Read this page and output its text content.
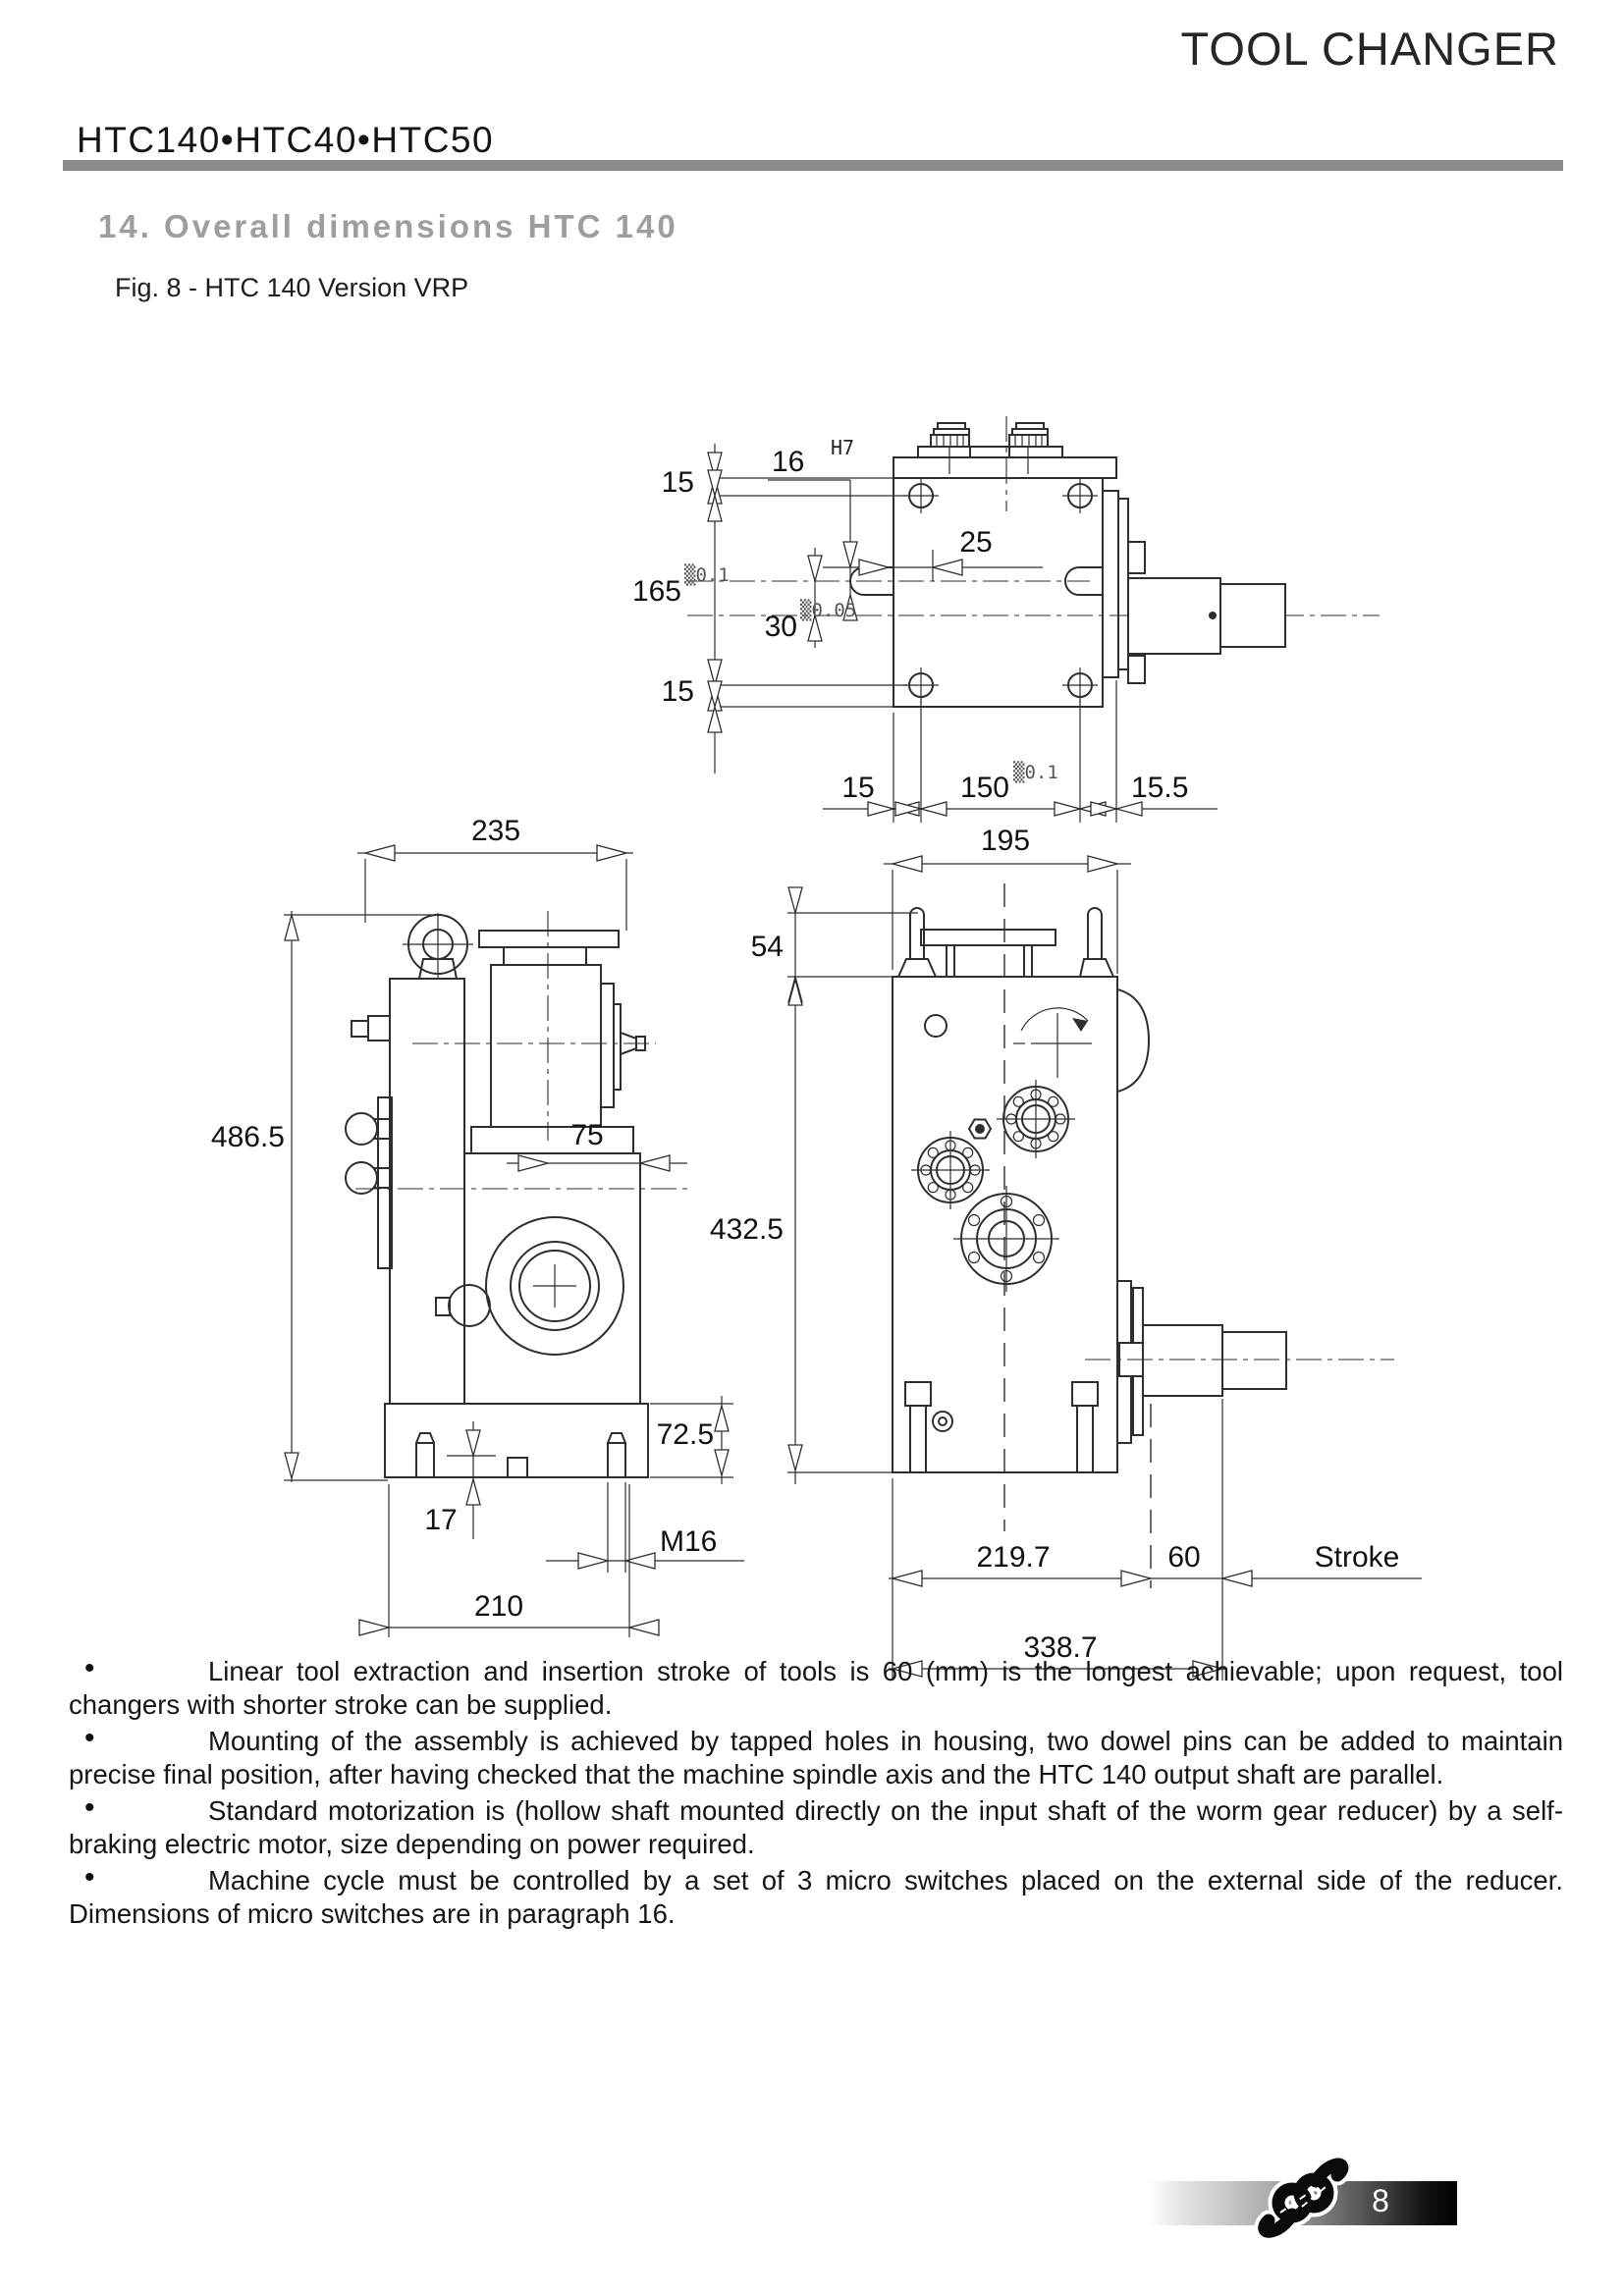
TOOL CHANGER
HTC140•HTC40•HTC50
14. Overall dimensions HTC 140
Fig. 8 - HTC 140 Version VRP
15
165 ▒0.1
15
16 H7
25
30 ▒0.05
15	150 ▒0.1 15.5
235
486.5	75
72.5
17
M16
210
195
54
432.5
219.7	60	Stroke
338.7
•	Linear tool extraction and insertion stroke of tools is 60 (mm) is the longest achievable; upon request, tool changers with shorter stroke can be supplied.

•	Mounting of the assembly is achieved by tapped holes in housing, two dowel pins can be added to maintain precise final position, after having checked that the machine spindle axis and the HTC 140 output shaft are parallel.

•	Standard motorization is (hollow shaft mounted directly on the input shaft of the worm gear reducer) by a self-braking electric motor, size depending on power required.

•	Machine cycle must be controlled by a set of 3 micro switches placed on the external side of the reducer. Dimensions of micro switches are in paragraph 16.

8
